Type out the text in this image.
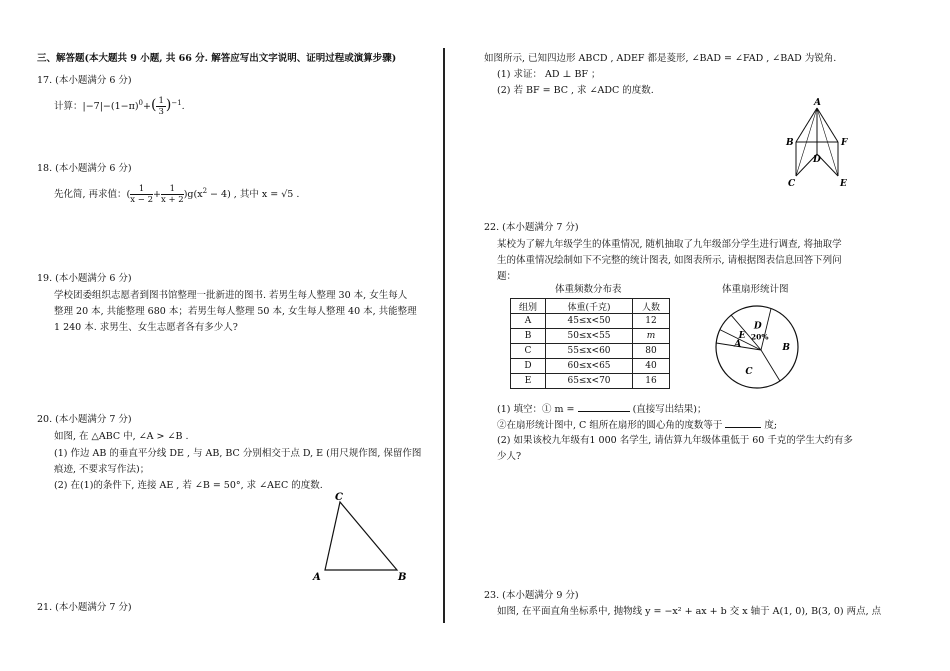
三、解答题(本大题共 9 小题, 共 66 分. 解答应写出文字说明、证明过程或演算步骤)
17. (本小题满分 6 分)
计算：$|-7|-(1-\pi)^0+( \frac{1}{3} )^{-1}$.
18. (本小题满分 6 分)
先化简, 再求值：( $\frac{1}{x - 2} + \frac{1}{x + 2} )g(x^2 - 4)$ , 其中 x = √5 .
19. (本小题满分 6 分)
学校团委组织志愿者到图书馆整理一批新进的图书. 若男生每人整理 30 本, 女生每人
整理 20 本, 共能整理 680 本；若男生每人整理 50 本, 女生每人整理 40 本, 共能整理
1 240 本. 求男生、女生志愿者各有多少人?
20. (本小题满分 7 分)
如图, 在 △ABC 中, ∠A > ∠B .
(1) 作边 AB 的垂直平分线 DE , 与 AB, BC 分别相交于点 D, E (用尺规作图, 保留作图
痕迹, 不要求写作法)；
(2) 在(1)的条件下, 连接 AE , 若 ∠B = 50°, 求 ∠AEC 的度数.
C
A	B
21. (本小题满分 7 分)
如图所示, 已知四边形 ABCD , ADEF 都是菱形, ∠BAD = ∠FAD , ∠BAD 为锐角.
(1) 求证： AD ⊥ BF ；
(2) 若 BF = BC , 求 ∠ADC 的度数.
A
B	F
D
C	E
22. (本小题满分 7 分)
某校为了解九年级学生的体重情况, 随机抽取了九年级部分学生进行调查, 将抽取学
生的体重情况绘制如下不完整的统计图表, 如图表所示, 请根据图表信息回答下列问
题：
体重频数分布表	体重扇形统计图
组别	体重(千克)	人数
A	45≤x<50	12
B	50≤x<55	m
C	55≤x<60	80
D	60≤x<65	40
E	65≤x<70	16
B
C
A
E
D
20%
(1) 填空：① m =	(直接写出结果)；
②在扇形统计图中, C 组所在扇形的圆心角的度数等于	度;
(2) 如果该校九年级有1 000 名学生, 请估算九年级体重低于 60 千克的学生大约有多
少人?
23. (本小题满分 9 分)
如图, 在平面直角坐标系中, 抛物线 y = −x² + ax + b 交 x 轴于 A(1, 0), B(3, 0) 两点, 点
